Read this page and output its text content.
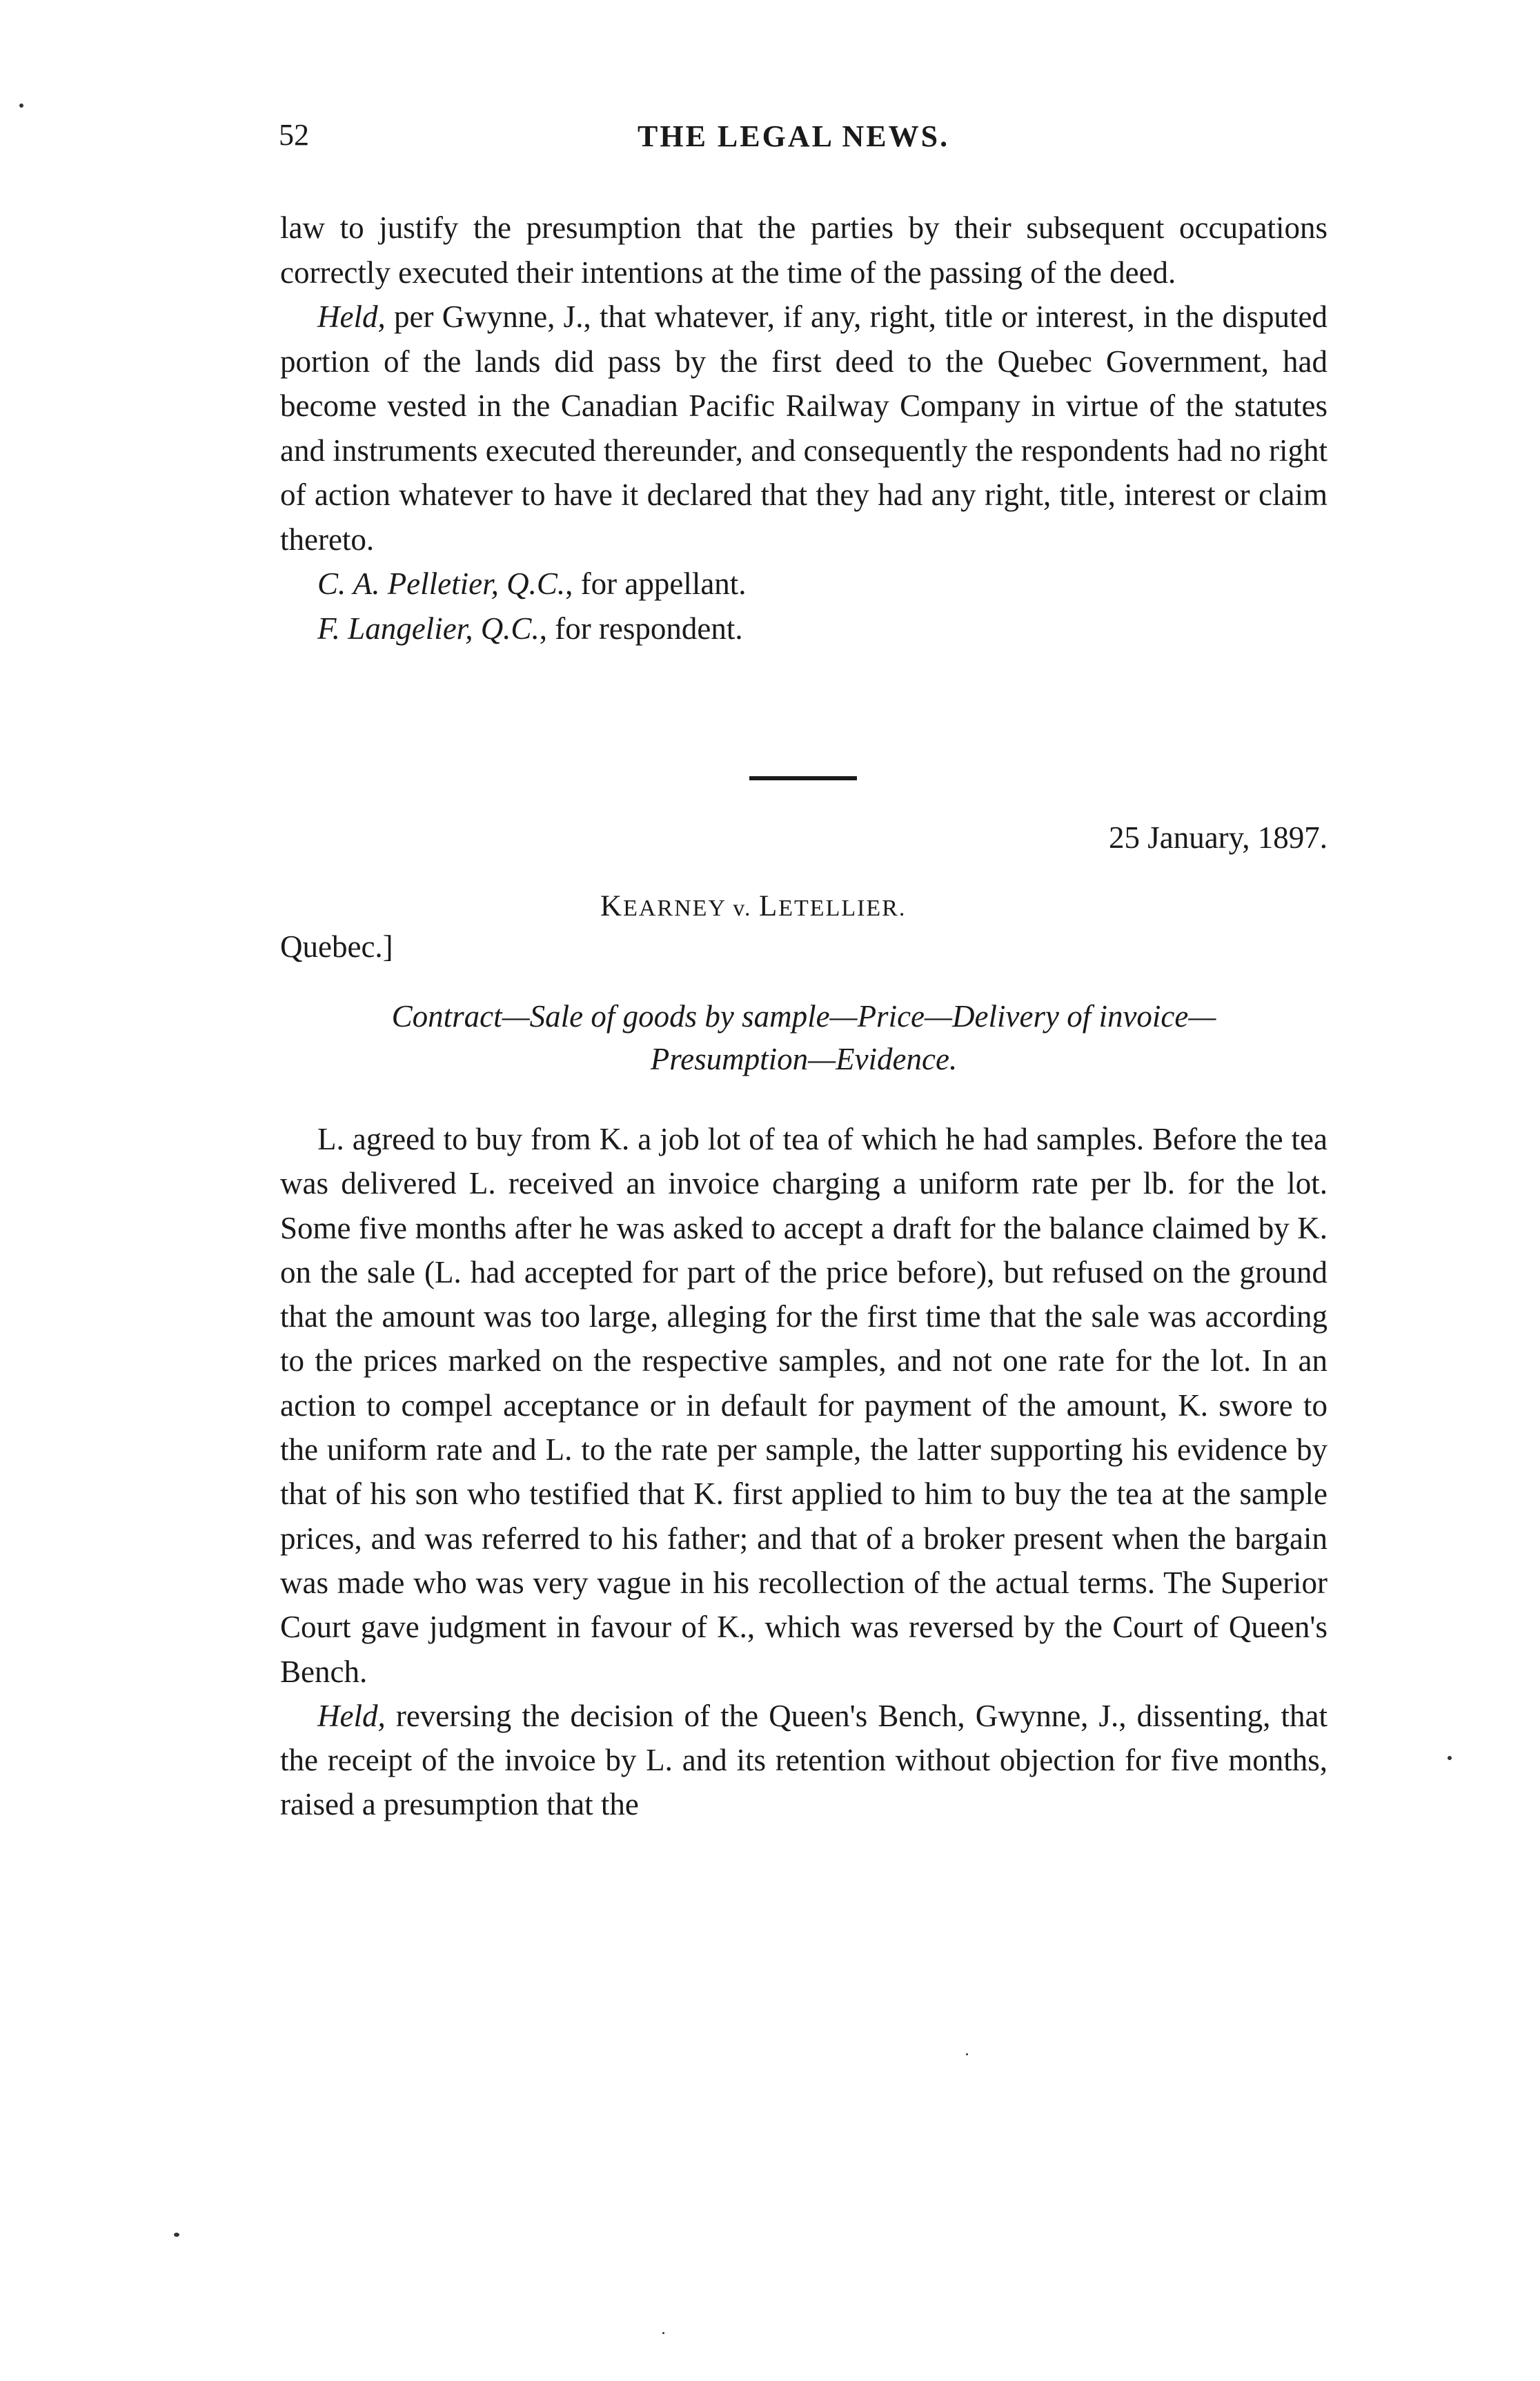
52	THE LEGAL NEWS.

law to justify the presumption that the parties by their subsequent occupations correctly executed their intentions at the time of the passing of the deed.

Held, per Gwynne, J., that whatever, if any, right, title or interest, in the disputed portion of the lands did pass by the first deed to the Quebec Government, had become vested in the Canadian Pacific Railway Company in virtue of the statutes and instruments executed thereunder, and consequently the respondents had no right of action whatever to have it declared that they had any right, title, interest or claim thereto.

C. A. Pelletier, Q.C., for appellant.
F. Langelier, Q.C., for respondent.

25 January, 1897.
KEARNEY v. LETELLIER.
Quebec.]
Contract—Sale of goods by sample—Price—Delivery of invoice—
Presumption—Evidence.

L. agreed to buy from K. a job lot of tea of which he had samples. Before the tea was delivered L. received an invoice charging a uniform rate per lb. for the lot. Some five months after he was asked to accept a draft for the balance claimed by K. on the sale (L. had accepted for part of the price before), but refused on the ground that the amount was too large, alleging for the first time that the sale was according to the prices marked on the respective samples, and not one rate for the lot. In an action to compel acceptance or in default for payment of the amount, K. swore to the uniform rate and L. to the rate per sample, the latter supporting his evidence by that of his son who testified that K. first applied to him to buy the tea at the sample prices, and was referred to his father; and that of a broker present when the bargain was made who was very vague in his recollection of the actual terms. The Superior Court gave judgment in favour of K., which was reversed by the Court of Queen's Bench.

Held, reversing the decision of the Queen's Bench, Gwynne, J., dissenting, that the receipt of the invoice by L. and its retention without objection for five months, raised a presumption that the
